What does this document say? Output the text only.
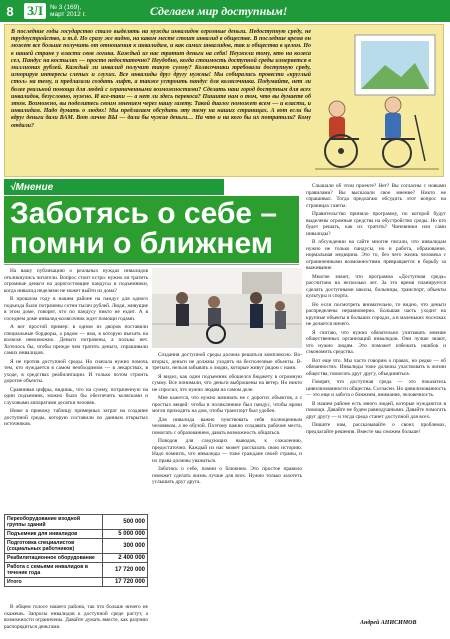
8	ЗЛ	№ 3 (169),
март 2012 г.	Сделаем мир доступным!
В последние годы государство стало выделять на нужды инвалидов огромные деньги. Недоступную среду, не трудоустройство, и т.д. Но сразу же видно, на каком месте стоит инвалид в обществе. В последние время он может все больше получить от отношения к инвалидам, и как самих инвалидов, так и общества в целом. Но в нашей стране у власти своя логика. Каждый из нас тратит деньги на себя! Неужели тому, кто на колеса сел, Пандус на костылях — просто недостаточно? Неудобно, когда стоимость доступной среды измеряется в миллионах рублей. Каждый ли инвалид получит такую сумму? Колясочники требовали доступную среду, игнорируя интересы слепых и глухих. Все инвалиды друг другу нужны! Мы собирались провести «круглый стол» на тему, и предлагали создать лифт, а также устроить пандус для колясочника. Подумайте, нет ли более реальной помощи для людей с ограниченными возможностями? Сделать наш город доступным для всех инвалидов, безусловно, нужно. И все-таки — а нет ли здесь перекоса? Пишите нам о том, что вы думаете об этом. Возможно, вы поделитесь своим мнением через нашу газету. Такой диалог поможет всем — и власти, и инвалидам. Надо думать о людях! Мы предлагаем обсудить эту тему на наших страницах. А вот если бы вдруг деньги дали ВАМ. Вот лично ВЫ — дали бы чужие деньги… На что и на кого бы их потратили? Кому отдали?
√Мнение
Заботясь о себе –
помни о ближнем

На вашу публикацию о реальных нуждах инвалидов откликнулись читатели. Вопрос стоит остро: нужно ли тратить огромные деньги на дорогостоящие пандусы и подъемники, когда инвалид неделями не может выйти из дома?

В прошлом году в нашем районе на пандус для одного подъезда были потрачены сотни тысяч рублей. Люди, живущие в этом доме, говорят, что по пандусу никто не ездит. А в соседнем доме инвалид-колясочник ждет помощи годами.

А вот простой пример: в одном из дворов поставили специальные бордюры, а рядом — яма, в которую въехать на коляске невозможно. Деньги потрачены, а пользы нет. Хотелось бы, чтобы прежде чем тратить деньги, спрашивали самих инвалидов.

Я не против доступной среды. Но сначала нужно помочь тем, кто нуждается в самом необходимом — в лекарствах, в уходе, в средствах реабилитации. И только потом строить дорогие объекты.

Сравнивая цифры, видишь, что на сумму, потраченную на один подъемник, можно было бы обеспечить колясками и слуховыми аппаратами десятки человек.

Ниже я привожу таблицу примерных затрат на создание доступной среды, которую составили по данным открытых источников.

Переоборудование входной группы зданий	500 000
Подъемник для инвалидов	5 000 000
Подготовка специалистов (социальных работников)	300 000
Реабилитационное оборудование	2 400 000
Работа с семьями инвалидов в течение года	17 720 000
Итого	17 720 000

В общем голосе нашего района, так что больше ничего не скажешь. Запросы инвалидов к доступной среде растут, а возможности ограничены. Давайте думать вместе, как разумно распорядиться деньгами.

Создания доступной среды должна решаться комплексно. Во-вторых, деньги не должны уходить на бесполезные объекты. В-третьих, нельзя забывать о людях, которые живут рядом с нами.

Я видел, как один подъемник обошелся бюджету в огромную сумму. Все понимали, что деньги выброшены на ветер. Но никто не спросил, что нужно людям на самом деле.

Мне кажется, что нужно начинать не с дорогих объектов, а с простых вещей: чтобы в поликлинике был пандус, чтобы врачи могли приходить на дом, чтобы транспорт был удобен.

Для инвалида важно чувствовать себя полноценным человеком, а не обузой. Поэтому важно создавать рабочие места, помогать с образованием, давать возможность общаться.

Поводов для следующих выводов, к сожалению, предостаточно. Каждый из нас может рассказать свою историю. Надо помнить, что инвалиды — тоже граждане своей страны, и их права должны уважаться.

Заботясь о себе, помни о ближнем. Это простое правило поможет сделать жизнь лучше для всех. Нужно только захотеть услышать друг друга.

Слышали об этом проекте? Нет? Вы согласны с новыми правилами? Вы высказали свое мнение? Никто не спрашивал. Тогда предлагаю обсудить этот вопрос на страницах газеты.

Правительство приняло программу, по которой будут выделены огромные средства на обустройство среды. Но кто будет решать, как их тратить? Чиновники или сами инвалиды?

В обсуждении на сайте многие писали, что инвалидам нужно не только пандусы, но и работа, образование, нормальная медицина. Это то, без чего жизнь человека с ограниченными возможностями превращается в борьбу за выживание.

Многие знают, что программа «Доступная среда» рассчитана на несколько лет. За это время планируется сделать доступными школы, больницы, транспорт, объекты культуры и спорта.

Но если посмотреть внимательно, то видно, что деньги распределены неравномерно. Большая часть уходит на крупные объекты в больших городах, а в маленьких поселках не делается ничего.

Я считаю, что нужно обязательно учитывать мнение общественных организаций инвалидов. Они лучше знают, что нужно людям. Это поможет избежать ошибок и сэкономить средства.

Вот еще что. Мы часто говорим о правах, но редко — об обязанностях. Инвалиды тоже должны участвовать в жизни общества, помогать друг другу, объединяться.

Говорят, что доступная среда — это показатель цивилизованности общества. Согласен. Но цивилизованность — это еще и забота о ближнем, внимание, человечность.

В нашем районе есть много людей, которые нуждаются в помощи. Давайте не будем равнодушными. Давайте помогать друг другу — и тогда среда станет доступной для всех.

Пишите нам, рассказывайте о своих проблемах, предлагайте решения. Вместе мы сможем больше!

Андрей АНИСИМОВ
